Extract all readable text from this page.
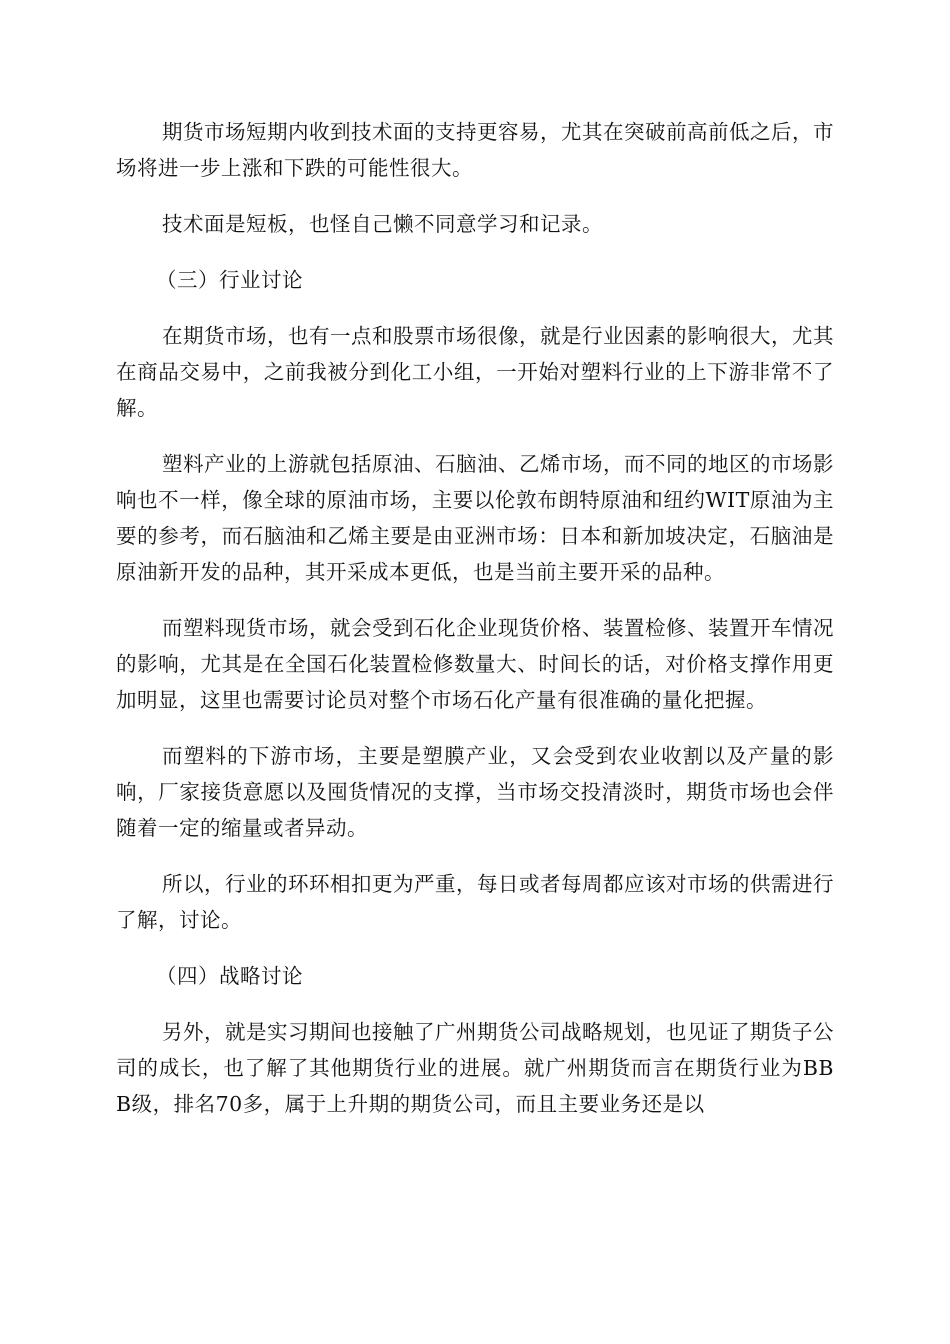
期货市场短期内收到技术面的支持更容易，尤其在突破前高前低之后，市场将进一步上涨和下跌的可能性很大。

技术面是短板，也怪自己懒不同意学习和记录。

（三）行业讨论

在期货市场，也有一点和股票市场很像，就是行业因素的影响很大，尤其在商品交易中，之前我被分到化工小组，一开始对塑料行业的上下游非常不了解。

塑料产业的上游就包括原油、石脑油、乙烯市场，而不同的地区的市场影响也不一样，像全球的原油市场，主要以伦敦布朗特原油和纽约WIT原油为主要的参考，而石脑油和乙烯主要是由亚洲市场：日本和新加坡决定，石脑油是原油新开发的品种，其开采成本更低，也是当前主要开采的品种。

而塑料现货市场，就会受到石化企业现货价格、装置检修、装置开车情况的影响，尤其是在全国石化装置检修数量大、时间长的话，对价格支撑作用更加明显，这里也需要讨论员对整个市场石化产量有很准确的量化把握。

而塑料的下游市场，主要是塑膜产业，又会受到农业收割以及产量的影响，厂家接货意愿以及囤货情况的支撑，当市场交投清淡时，期货市场也会伴随着一定的缩量或者异动。

所以，行业的环环相扣更为严重，每日或者每周都应该对市场的供需进行了解，讨论。

（四）战略讨论

另外，就是实习期间也接触了广州期货公司战略规划，也见证了期货子公司的成长，也了解了其他期货行业的进展。就广州期货而言在期货行业为BBB级，排名70多，属于上升期的期货公司，而且主要业务还是以
